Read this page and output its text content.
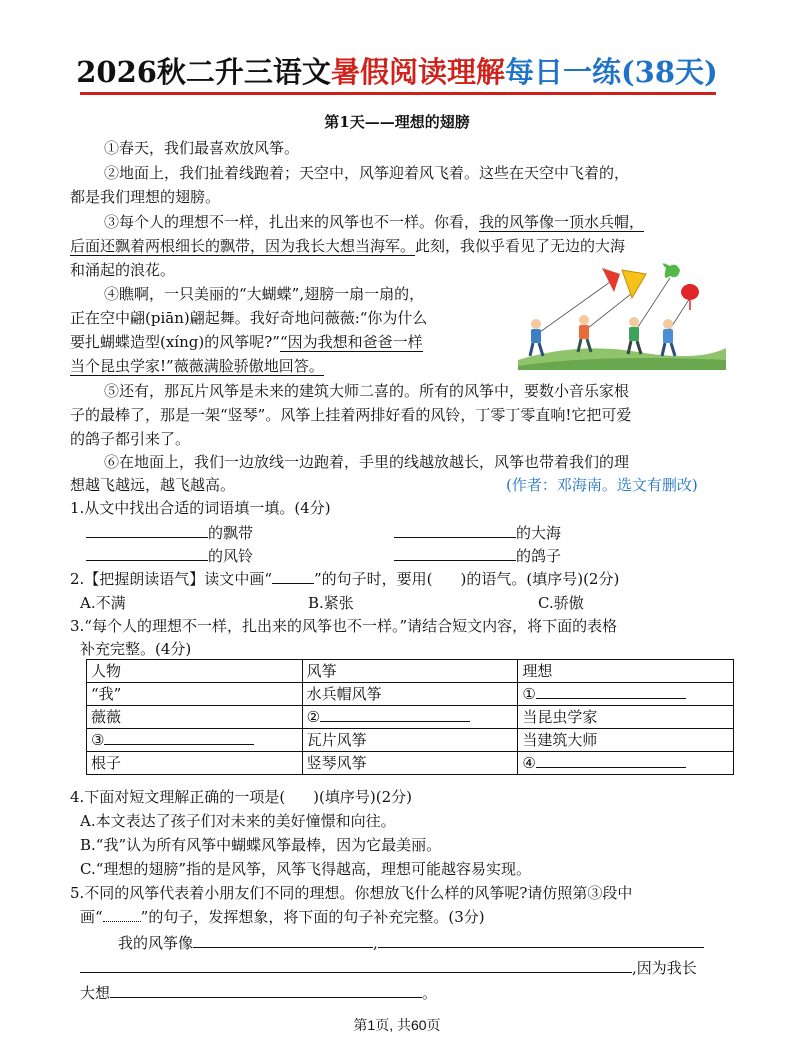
2026秋二升三语文暑假阅读理解每日一练(38天)
第1天——理想的翅膀
①春天，我们最喜欢放风筝。
②地面上，我们扯着线跑着；天空中，风筝迎着风飞着。这些在天空中飞着的，
都是我们理想的翅膀。
③每个人的理想不一样，扎出来的风筝也不一样。你看，我的风筝像一顶水兵帽，
后面还飘着两根细长的飘带，因为我长大想当海军。此刻，我似乎看见了无边的大海
和涌起的浪花。
④瞧啊，一只美丽的“大蝴蝶”,翅膀一扇一扇的，
正在空中翩(piān)翩起舞。我好奇地问薇薇:“你为什么
要扎蝴蝶造型(xíng)的风筝呢?”“因为我想和爸爸一样
当个昆虫学家!”薇薇满脸骄傲地回答。
⑤还有，那瓦片风筝是未来的建筑大师二喜的。所有的风筝中，要数小音乐家根
子的最棒了，那是一架“竖琴”。风筝上挂着两排好看的风铃，丁零丁零直响!它把可爱
的鸽子都引来了。
⑥在地面上，我们一边放线一边跑着，手里的线越放越长，风筝也带着我们的理
想越飞越远，越飞越高。	(作者：邓海南。选文有删改)
1.从文中找出合适的词语填一填。(4分)
的飘带	的大海
的风铃	的鸽子
2.【把握朗读语气】读文中画“	”的句子时，要用( )的语气。(填序号)(2分)
A.不满	B.紧张	C.骄傲
3.“每个人的理想不一样，扎出来的风筝也不一样。”请结合短文内容，将下面的表格
补充完整。(4分)
人物	风筝	理想
“我”	水兵帽风筝	①
薇薇	②	当昆虫学家
③	瓦片风筝	当建筑大师
根子	竖琴风筝	④
4.下面对短文理解正确的一项是( )(填序号)(2分)
A.本文表达了孩子们对未来的美好憧憬和向往。
B.“我”认为所有风筝中蝴蝶风筝最棒，因为它最美丽。
C.“理想的翅膀”指的是风筝，风筝飞得越高，理想可能越容易实现。
5.不同的风筝代表着小朋友们不同的理想。你想放飞什么样的风筝呢?请仿照第③段中
画“	”的句子，发挥想象，将下面的句子补充完整。(3分)
我的风筝像	,
,因为我长
大想	。
第1页, 共60页
